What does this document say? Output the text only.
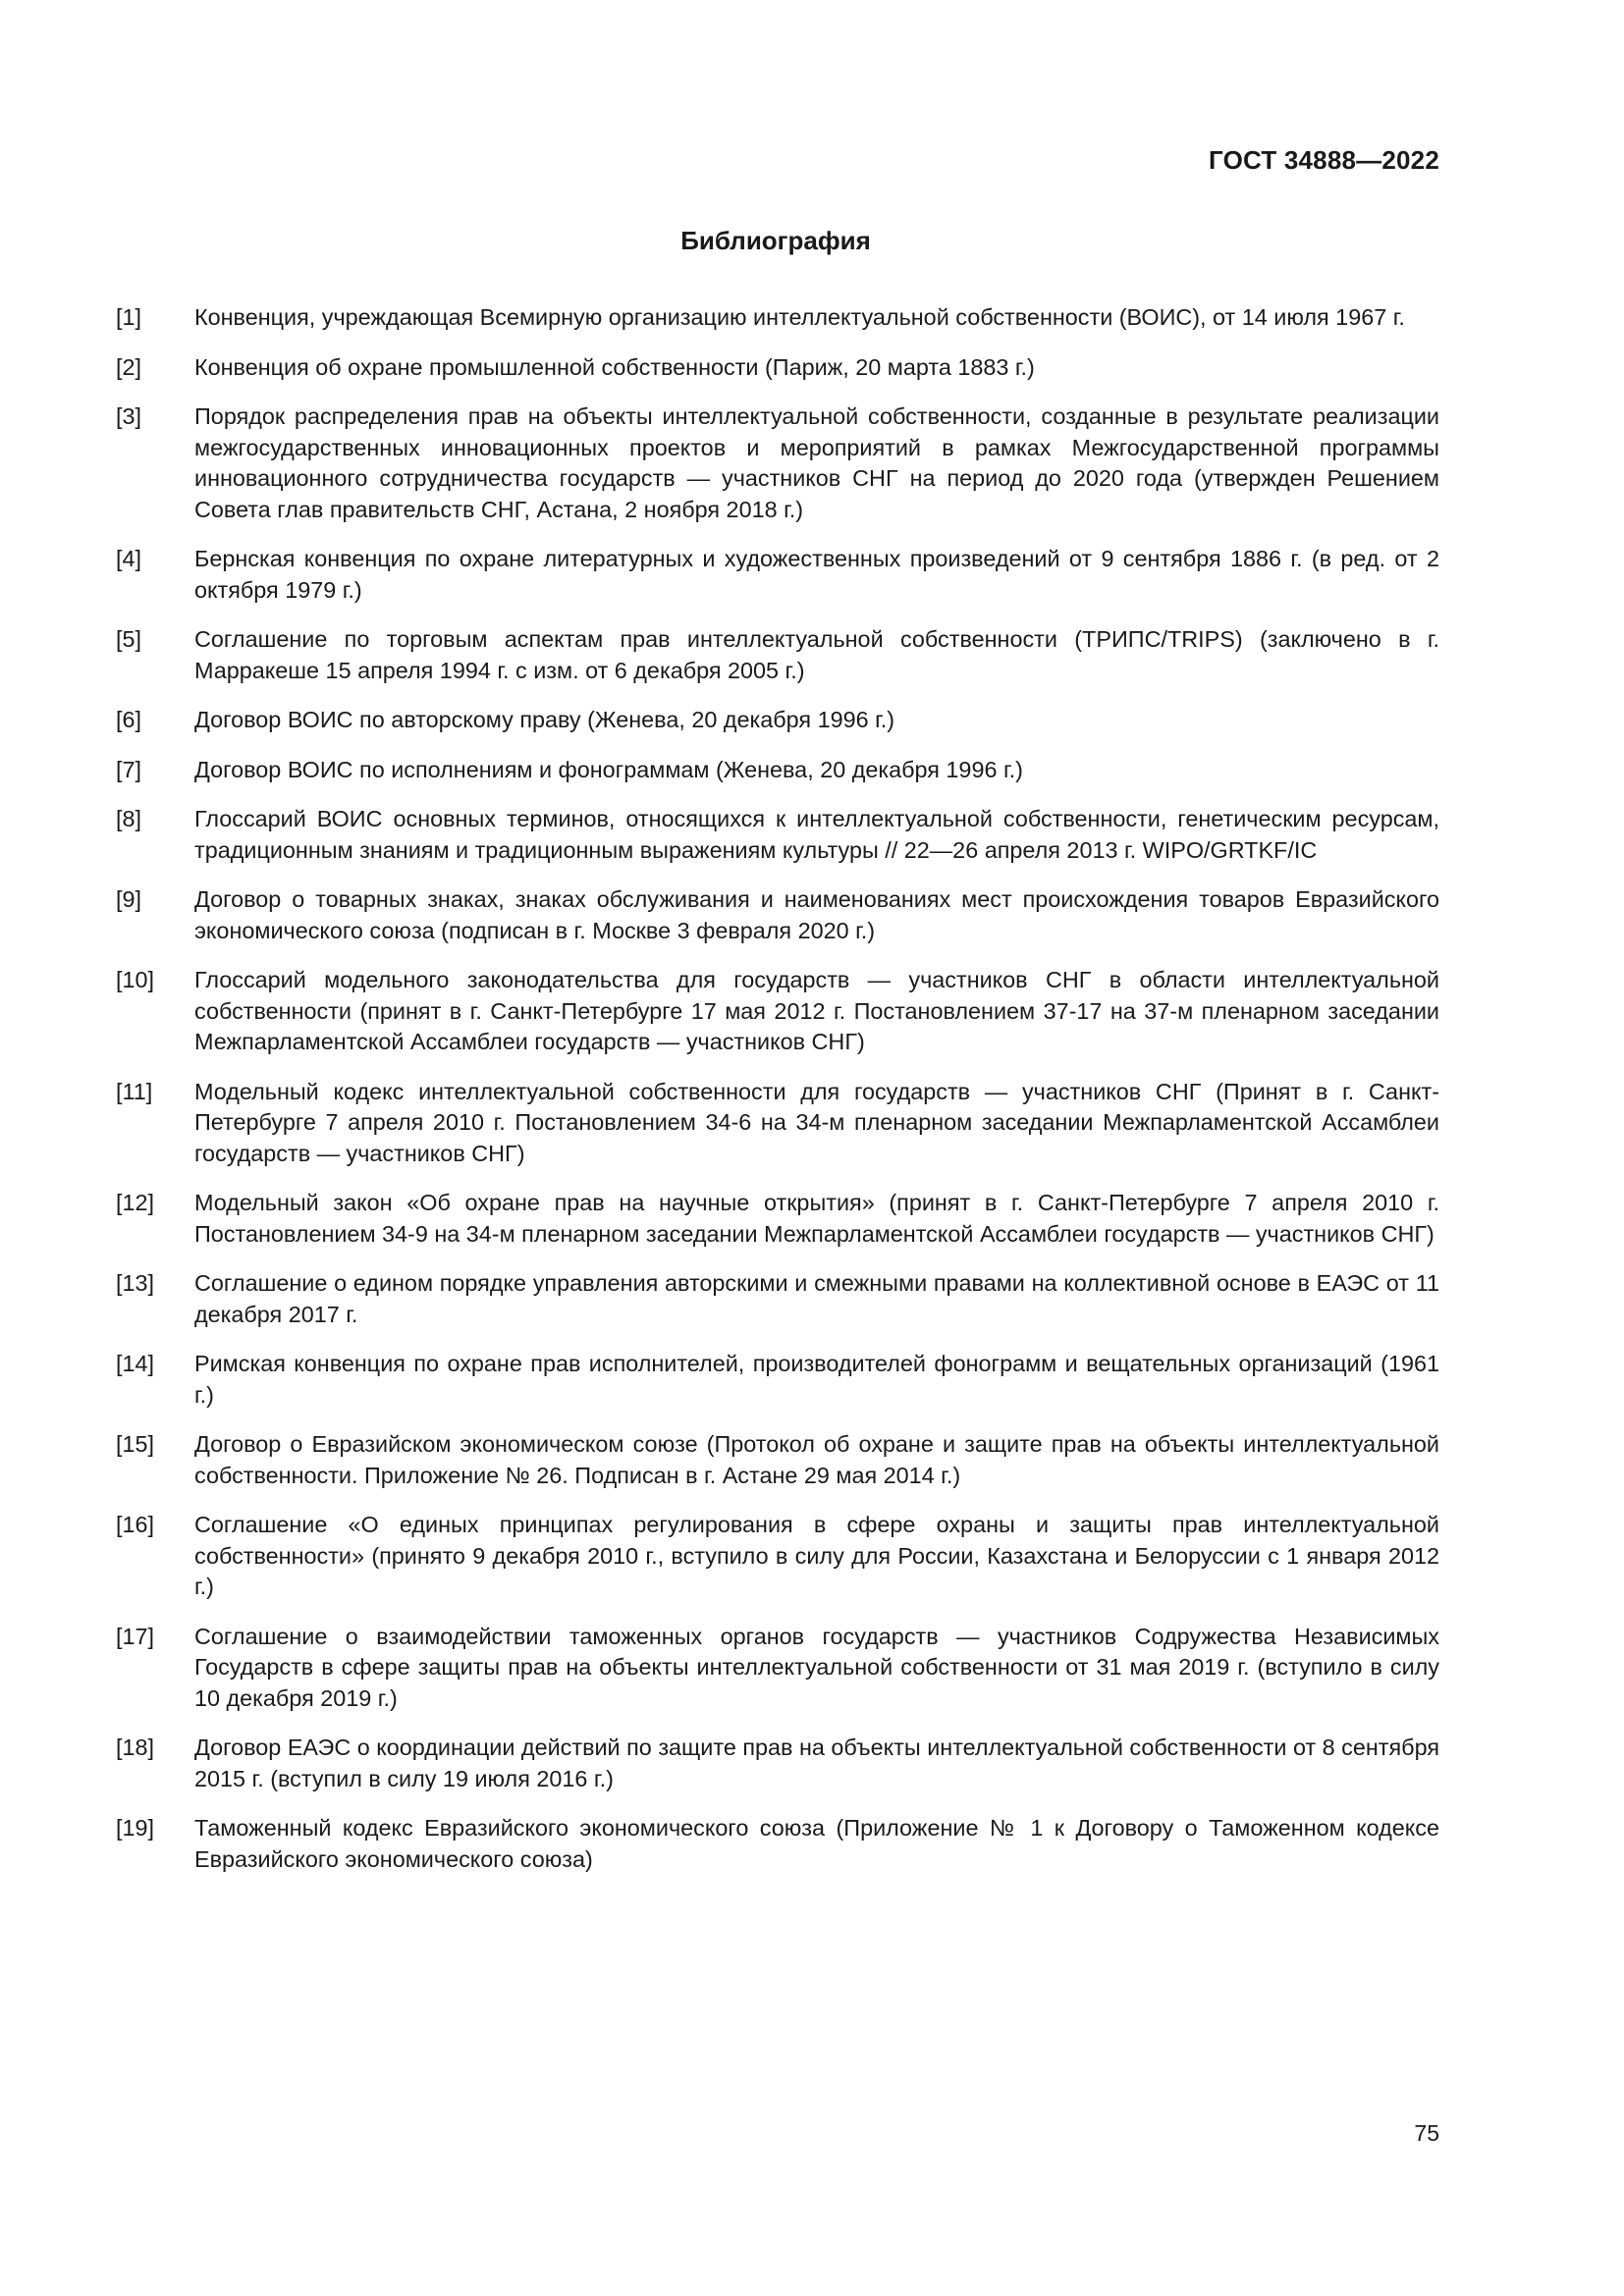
ГОСТ 34888—2022
Библиография
[1]	Конвенция, учреждающая Всемирную организацию интеллектуальной собственности (ВОИС), от 14 июля 1967 г.
[2]	Конвенция об охране промышленной собственности (Париж, 20 марта 1883 г.)
[3]	Порядок распределения прав на объекты интеллектуальной собственности, созданные в результате реализации межгосударственных инновационных проектов и мероприятий в рамках Межгосударственной программы инновационного сотрудничества государств — участников СНГ на период до 2020 года (утвержден Решением Совета глав правительств СНГ, Астана, 2 ноября 2018 г.)
[4]	Бернская конвенция по охране литературных и художественных произведений от 9 сентября 1886 г. (в ред. от 2 октября 1979 г.)
[5]	Соглашение по торговым аспектам прав интеллектуальной собственности (ТРИПС/TRIPS) (заключено в г. Марракеше 15 апреля 1994 г. с изм. от 6 декабря 2005 г.)
[6]	Договор ВОИС по авторскому праву (Женева, 20 декабря 1996 г.)
[7]	Договор ВОИС по исполнениям и фонограммам (Женева, 20 декабря 1996 г.)
[8]	Глоссарий ВОИС основных терминов, относящихся к интеллектуальной собственности, генетическим ресурсам, традиционным знаниям и традиционным выражениям культуры // 22—26 апреля 2013 г. WIPO/GRTKF/IC
[9]	Договор о товарных знаках, знаках обслуживания и наименованиях мест происхождения товаров Евразийского экономического союза (подписан в г. Москве 3 февраля 2020 г.)
[10]	Глоссарий модельного законодательства для государств — участников СНГ в области интеллектуальной собственности (принят в г. Санкт-Петербурге 17 мая 2012 г. Постановлением 37-17 на 37-м пленарном заседании Межпарламентской Ассамблеи государств — участников СНГ)
[11]	Модельный кодекс интеллектуальной собственности для государств — участников СНГ (Принят в г. Санкт-Петербурге 7 апреля 2010 г. Постановлением 34-6 на 34-м пленарном заседании Межпарламентской Ассамблеи государств — участников СНГ)
[12]	Модельный закон «Об охране прав на научные открытия» (принят в г. Санкт-Петербурге 7 апреля 2010 г. Постановлением 34-9 на 34-м пленарном заседании Межпарламентской Ассамблеи государств — участников СНГ)
[13]	Соглашение о едином порядке управления авторскими и смежными правами на коллективной основе в ЕАЭС от 11 декабря 2017 г.
[14]	Римская конвенция по охране прав исполнителей, производителей фонограмм и вещательных организаций (1961 г.)
[15]	Договор о Евразийском экономическом союзе (Протокол об охране и защите прав на объекты интеллектуальной собственности. Приложение № 26. Подписан в г. Астане 29 мая 2014 г.)
[16]	Соглашение «О единых принципах регулирования в сфере охраны и защиты прав интеллектуальной собственности» (принято 9 декабря 2010 г., вступило в силу для России, Казахстана и Белоруссии с 1 января 2012 г.)
[17]	Соглашение о взаимодействии таможенных органов государств — участников Содружества Независимых Государств в сфере защиты прав на объекты интеллектуальной собственности от 31 мая 2019 г. (вступило в силу 10 декабря 2019 г.)
[18]	Договор ЕАЭС о координации действий по защите прав на объекты интеллектуальной собственности от 8 сентября 2015 г. (вступил в силу 19 июля 2016 г.)
[19]	Таможенный кодекс Евразийского экономического союза (Приложение № 1 к Договору о Таможенном кодексе Евразийского экономического союза)
75
